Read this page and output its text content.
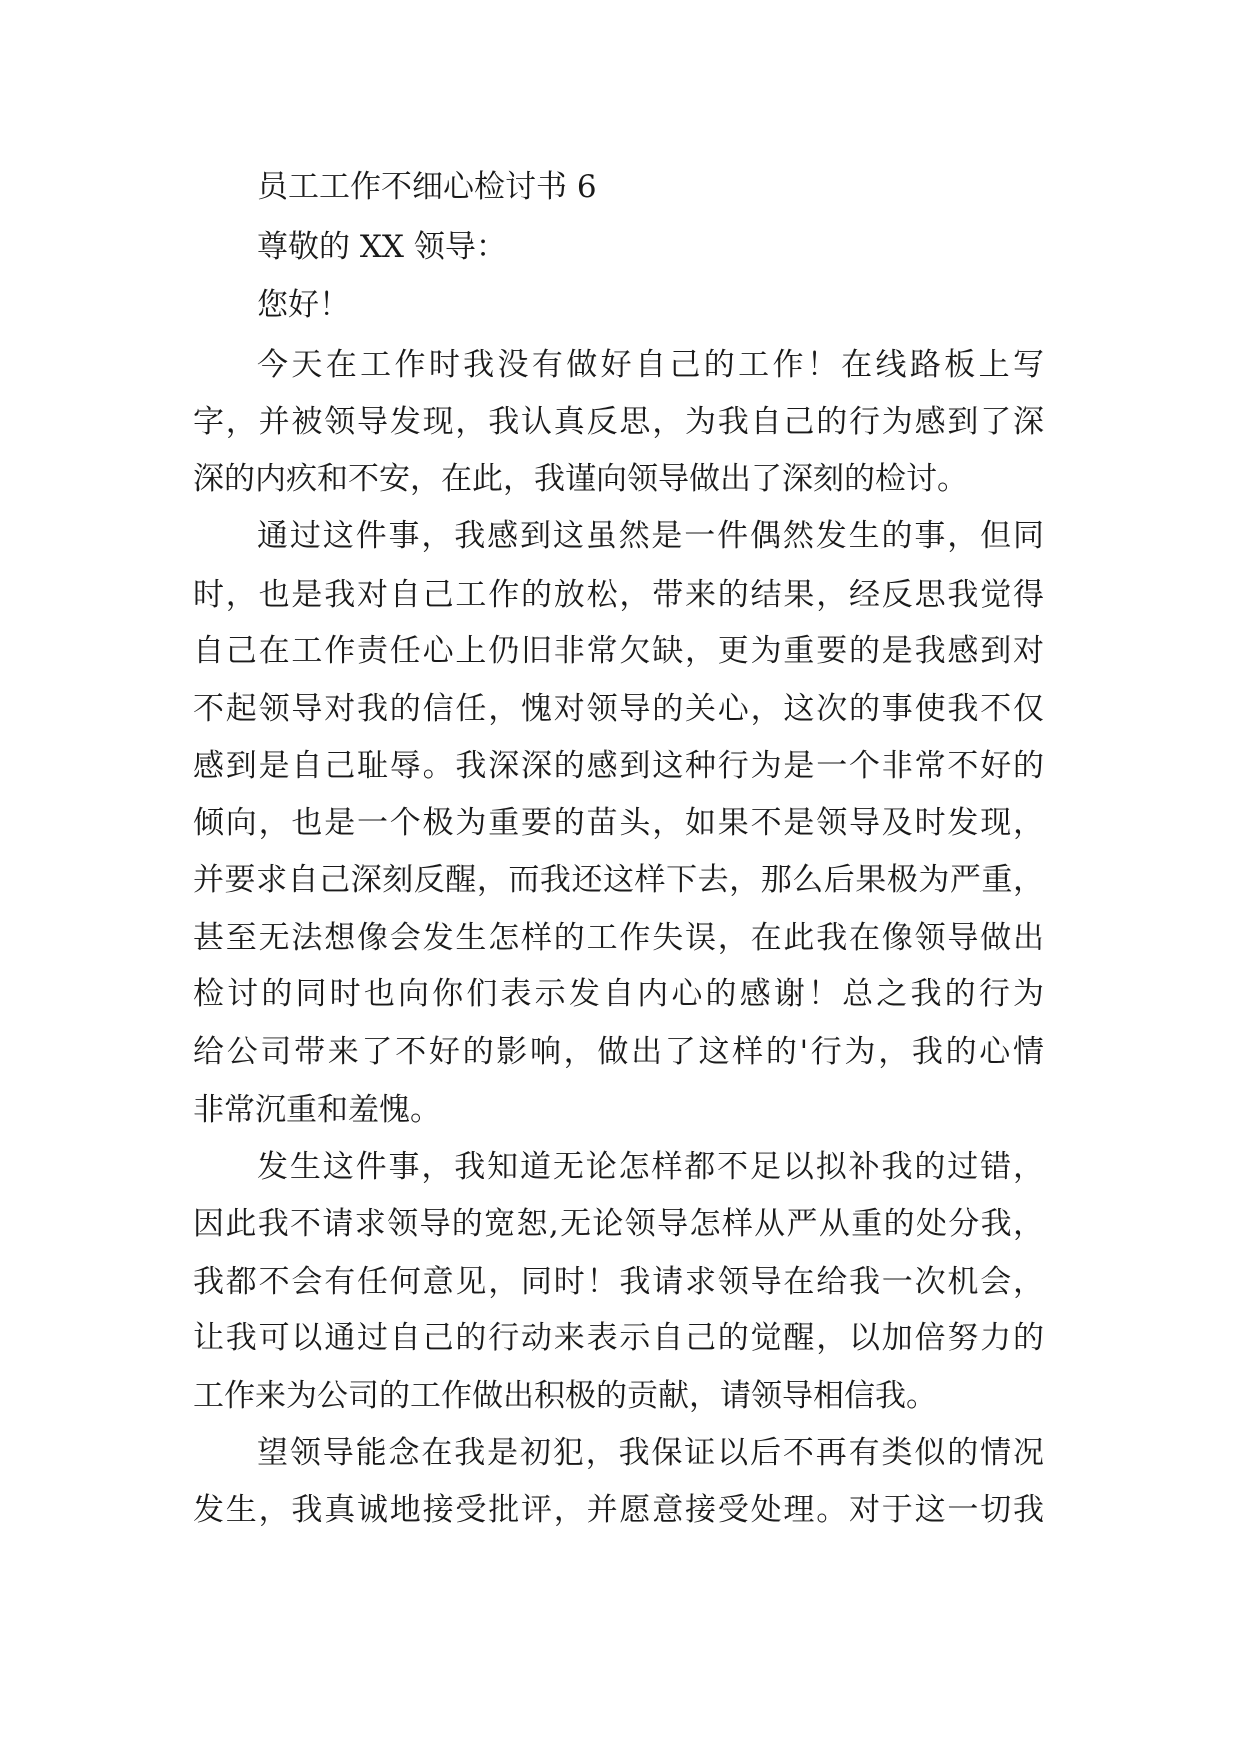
员工工作不细心检讨书 6
尊敬的 XX 领导：
您好！
今天在工作时我没有做好自己的工作！在线路板上写
字，并被领导发现，我认真反思，为我自己的行为感到了深
深的内疚和不安，在此，我谨向领导做出了深刻的检讨。
通过这件事，我感到这虽然是一件偶然发生的事，但同
时，也是我对自己工作的放松，带来的结果，经反思我觉得
自己在工作责任心上仍旧非常欠缺，更为重要的是我感到对
不起领导对我的信任，愧对领导的关心，这次的事使我不仅
感到是自己耻辱。我深深的感到这种行为是一个非常不好的
倾向，也是一个极为重要的苗头，如果不是领导及时发现，
并要求自己深刻反醒，而我还这样下去，那么后果极为严重，
甚至无法想像会发生怎样的工作失误，在此我在像领导做出
检讨的同时也向你们表示发自内心的感谢！总之我的行为
给公司带来了不好的影响，做出了这样的'行为，我的心情
非常沉重和羞愧。
发生这件事，我知道无论怎样都不足以拟补我的过错，
因此我不请求领导的宽恕,无论领导怎样从严从重的处分我，
我都不会有任何意见，同时！我请求领导在给我一次机会，
让我可以通过自己的行动来表示自己的觉醒，以加倍努力的
工作来为公司的工作做出积极的贡献，请领导相信我。
望领导能念在我是初犯，我保证以后不再有类似的情况
发生，我真诚地接受批评，并愿意接受处理。对于这一切我
